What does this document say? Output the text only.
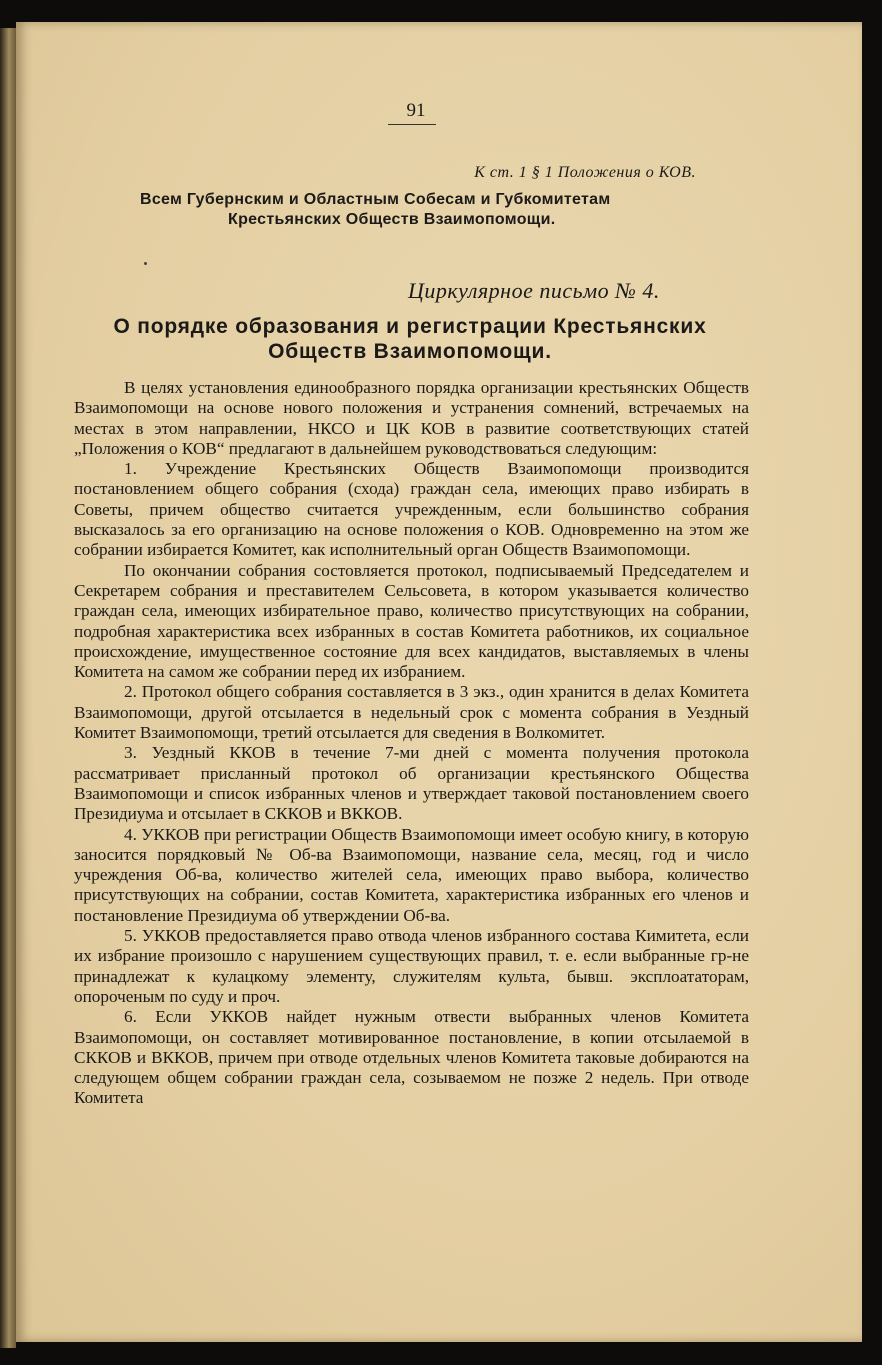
91
К ст. 1 § 1 Положения о КОВ.
Всем Губернским и Областным Собесам и Губкомитетам
Крестьянских Обществ Взаимопомощи.
Циркулярное письмо № 4.
О порядке образования и регистрации Крестьянских Обществ Взаимопомощи.

В целях установления единообразного порядка организации крестьянских Обществ Взаимопомощи на основе нового положения и устранения сомнений, встречаемых на местах в этом направлении, НКСО и ЦК КОВ в развитие соответствующих статей „Положения о КОВ“ предлагают в дальнейшем руководствоваться следующим:

1. Учреждение Крестьянских Обществ Взаимопомощи производится постановлением общего собрания (схода) граждан села, имеющих право избирать в Советы, причем общество считается учрежденным, если большинство собрания высказалось за его организацию на основе положения о КОВ. Одновременно на этом же собрании избирается Комитет, как исполнительный орган Обществ Взаимопомощи.

По окончании собрания состовляется протокол, подписываемый Председателем и Секретарем собрания и преставителем Сельсовета, в котором указывается количество граждан села, имеющих избирательное право, количество присутствующих на собрании, подробная характеристика всех избранных в состав Комитета работников, их социальное происхождение, имущественное состояние для всех кандидатов, выставляемых в члены Комитета на самом же собрании перед их избранием.

2. Протокол общего собрания составляется в 3 экз., один хранится в делах Комитета Взаимопомощи, другой отсылается в недельный срок с момента собрания в Уездный Комитет Взаимопомощи, третий отсылается для сведения в Волкомитет.

3. Уездный ККОВ в течение 7-ми дней с момента получения протокола рассматривает присланный протокол об организации крестьянского Общества Взаимопомощи и список избранных членов и утверждает таковой постановлением своего Президиума и отсылает в СККОВ и ВККОВ.

4. УККОВ при регистрации Обществ Взаимопомощи имеет особую книгу, в которую заносится порядковый № Об-ва Взаимопомощи, название села, месяц, год и число учреждения Об-ва, количество жителей села, имеющих право выбора, количество присутствующих на собрании, состав Комитета, характеристика избранных его членов и постановление Президиума об утверждении Об-ва.

5. УККОВ предоставляется право отвода членов избранного состава Кимитета, если их избрание произошло с нарушением существующих правил, т. е. если выбранные гр-не принадлежат к кулацкому элементу, служителям культа, бывш. эксплоататорам, опороченым по суду и проч.

6. Если УККОВ найдет нужным отвести выбранных членов Комитета Взаимопомощи, он составляет мотивированное постановление, в копии отсылаемой в СККОВ и ВККОВ, причем при отводе отдельных членов Комитета таковые добираются на следующем общем собрании граждан села, созываемом не позже 2 недель. При отводе Комитета
